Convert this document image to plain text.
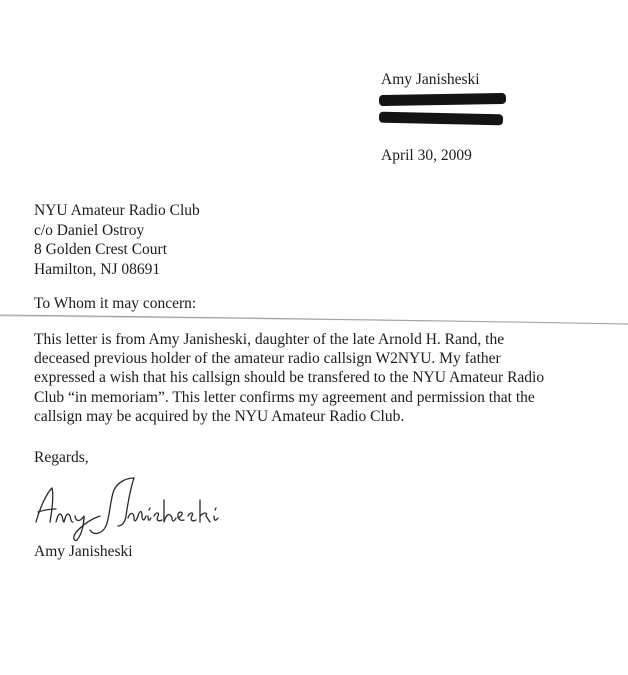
Amy Janisheski
April 30, 2009
NYU Amateur Radio Club
c/o Daniel Ostroy
8 Golden Crest Court
Hamilton, NJ 08691
To Whom it may concern:
This letter is from Amy Janisheski, daughter of the late Arnold H. Rand, the
deceased previous holder of the amateur radio callsign W2NYU. My father
expressed a wish that his callsign should be transfered to the NYU Amateur Radio
Club “in memoriam”. This letter confirms my agreement and permission that the
callsign may be acquired by the NYU Amateur Radio Club.
Regards,
Amy Janisheski
